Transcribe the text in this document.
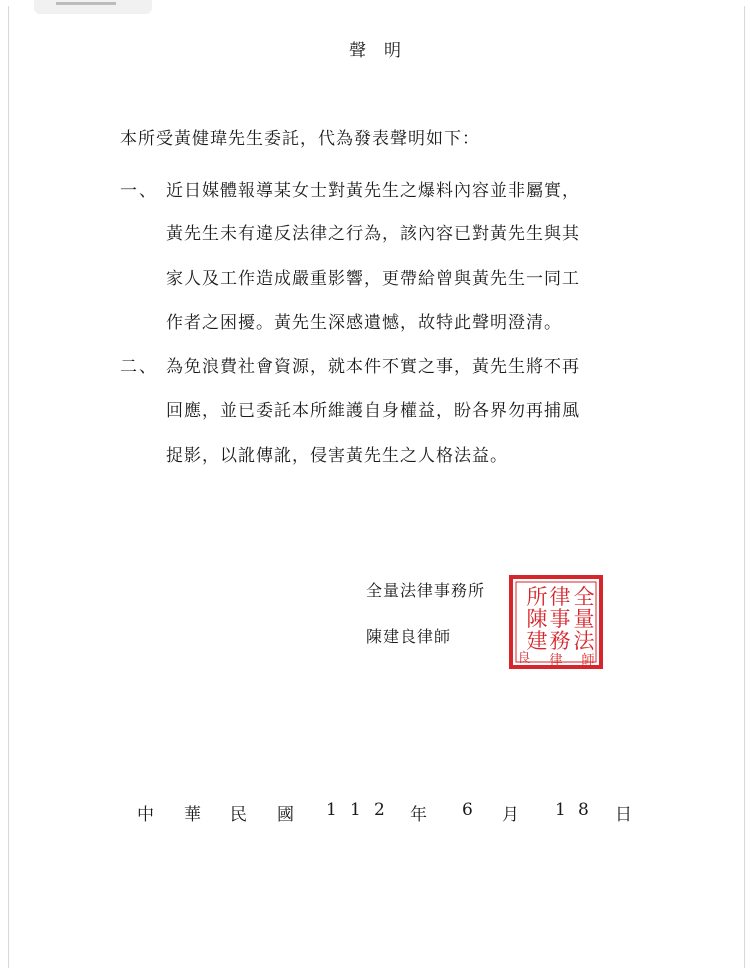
聲明
本所受黃健瑋先生委託，代為發表聲明如下：
一、 近日媒體報導某女士對黃先生之爆料內容並非屬實，
黃先生未有違反法律之行為，該內容已對黃先生與其
家人及工作造成嚴重影響，更帶給曾與黃先生一同工
作者之困擾。黃先生深感遺憾，故特此聲明澄清。
二、 為免浪費社會資源，就本件不實之事，黃先生將不再
回應，並已委託本所維護自身權益，盼各界勿再捕風
捉影，以訛傳訛，侵害黃先生之人格法益。
全量法律事務所
陳建良律師
全
量
法
律
事
務
所
陳
建
良 律 師
中 華 民 國 1 1 2 年 6 月 1 8 日
